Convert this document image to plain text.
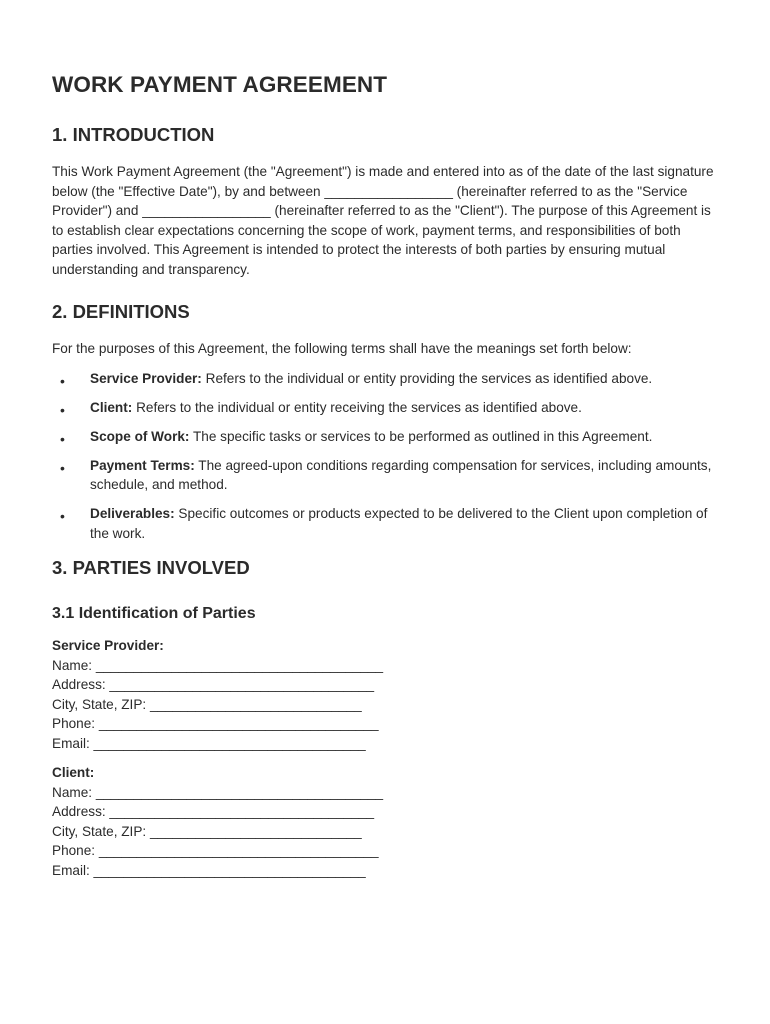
WORK PAYMENT AGREEMENT
1. INTRODUCTION

This Work Payment Agreement (the "Agreement") is made and entered into as of the date of the last signature below (the "Effective Date"), by and between _________________ (hereinafter referred to as the "Service Provider") and _________________ (hereinafter referred to as the "Client"). The purpose of this Agreement is to establish clear expectations concerning the scope of work, payment terms, and responsibilities of both parties involved. This Agreement is intended to protect the interests of both parties by ensuring mutual understanding and transparency.

2. DEFINITIONS

For the purposes of this Agreement, the following terms shall have the meanings set forth below:

• Service Provider: Refers to the individual or entity providing the services as identified above.
• Client: Refers to the individual or entity receiving the services as identified above.
• Scope of Work: The specific tasks or services to be performed as outlined in this Agreement.
• Payment Terms: The agreed-upon conditions regarding compensation for services, including amounts, schedule, and method.
• Deliverables: Specific outcomes or products expected to be delivered to the Client upon completion of the work.
3. PARTIES INVOLVED
3.1 Identification of Parties
Service Provider:
Name: ______________________________________
Address: ___________________________________
City, State, ZIP: ____________________________
Phone: _____________________________________
Email: ____________________________________
Client:
Name: ______________________________________
Address: ___________________________________
City, State, ZIP: ____________________________
Phone: _____________________________________
Email: ____________________________________
